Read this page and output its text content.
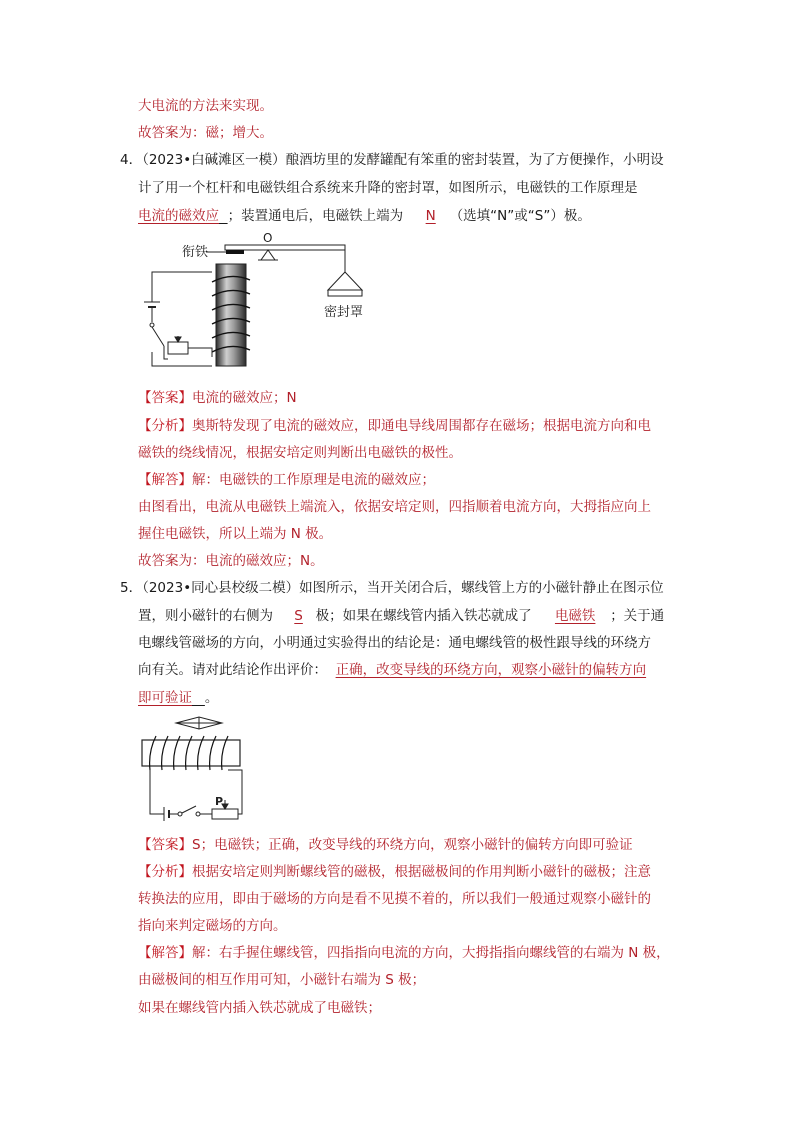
大电流的方法来实现。
故答案为：磁；增大。
4．（2023•白碱滩区一模）酿酒坊里的发酵罐配有笨重的密封装置，为了方便操作，小明设
计了用一个杠杆和电磁铁组合系统来升降的密封罩，如图所示，电磁铁的工作原理是
电流的磁效应 ；装置通电后，电磁铁上端为 N （选填“N”或“S”）极。
衔铁
O
密封罩
【答案】电流的磁效应；N
【分析】奥斯特发现了电流的磁效应，即通电导线周围都存在磁场；根据电流方向和电
磁铁的绕线情况，根据安培定则判断出电磁铁的极性。
【解答】解：电磁铁的工作原理是电流的磁效应；
由图看出，电流从电磁铁上端流入，依据安培定则，四指顺着电流方向，大拇指应向上
握住电磁铁，所以上端为 N 极。
故答案为：电流的磁效应；N。
5．（2023•同心县校级二模）如图所示，当开关闭合后，螺线管上方的小磁针静止在图示位
置，则小磁针的右侧为 S 极；如果在螺线管内插入铁芯就成了 电磁铁 ；关于通
电螺线管磁场的方向，小明通过实验得出的结论是：通电螺线管的极性跟导线的环绕方
向有关。请对此结论作出评价： 正确，改变导线的环绕方向，观察小磁针的偏转方向
即可验证 。
P
【答案】S；电磁铁；正确，改变导线的环绕方向，观察小磁针的偏转方向即可验证
【分析】根据安培定则判断螺线管的磁极，根据磁极间的作用判断小磁针的磁极；注意
转换法的应用，即由于磁场的方向是看不见摸不着的，所以我们一般通过观察小磁针的
指向来判定磁场的方向。
【解答】解：右手握住螺线管，四指指向电流的方向，大拇指指向螺线管的右端为 N 极，
由磁极间的相互作用可知，小磁针右端为 S 极；
如果在螺线管内插入铁芯就成了电磁铁；
